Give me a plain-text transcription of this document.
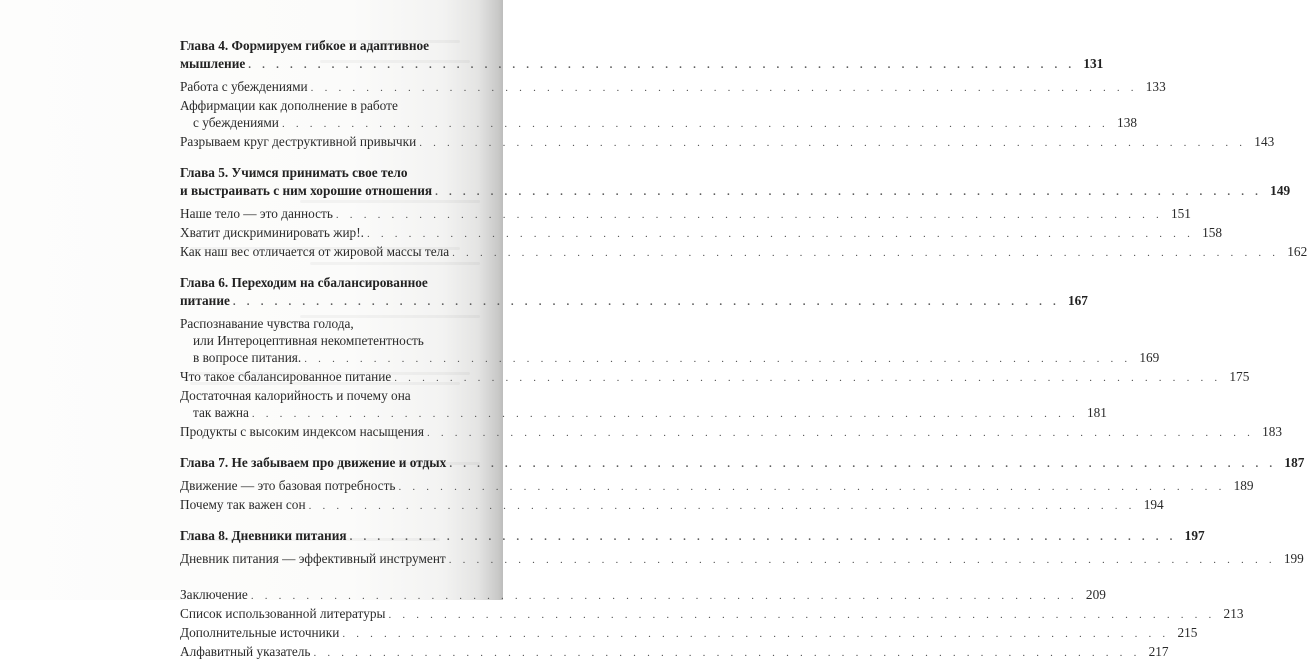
Глава 4. Формируем гибкое и адаптивное
мышление . . .	131
Работа с убеждениями . . .	133
Аффирмации как дополнение в работе
с убеждениями . . .	138
Разрываем круг деструктивной привычки . . .	143
Глава 5. Учимся принимать свое тело
и выстраивать с ним хорошие отношения . . .	149
Наше тело — это данность . . .	151
Хватит дискриминировать жир!. . . .	158
Как наш вес отличается от жировой массы тела . . .	162
Глава 6. Переходим на сбалансированное
питание . . .	167
Распознавание чувства голода,
или Интероцептивная некомпетентность
в вопросе питания. . . .	169
Что такое сбалансированное питание . . .	175
Достаточная калорийность и почему она
так важна . . .	181
Продукты с высоким индексом насыщения . . .	183
Глава 7. Не забываем про движение и отдых . . .	187
Движение — это базовая потребность . . .	189
Почему так важен сон . . .	194
Глава 8. Дневники питания . . .	197
Дневник питания — эффективный инструмент . . .	199
Заключение . . .	209
Список использованной литературы . . .	213
Дополнительные источники . . .	215
Алфавитный указатель . . .	217
